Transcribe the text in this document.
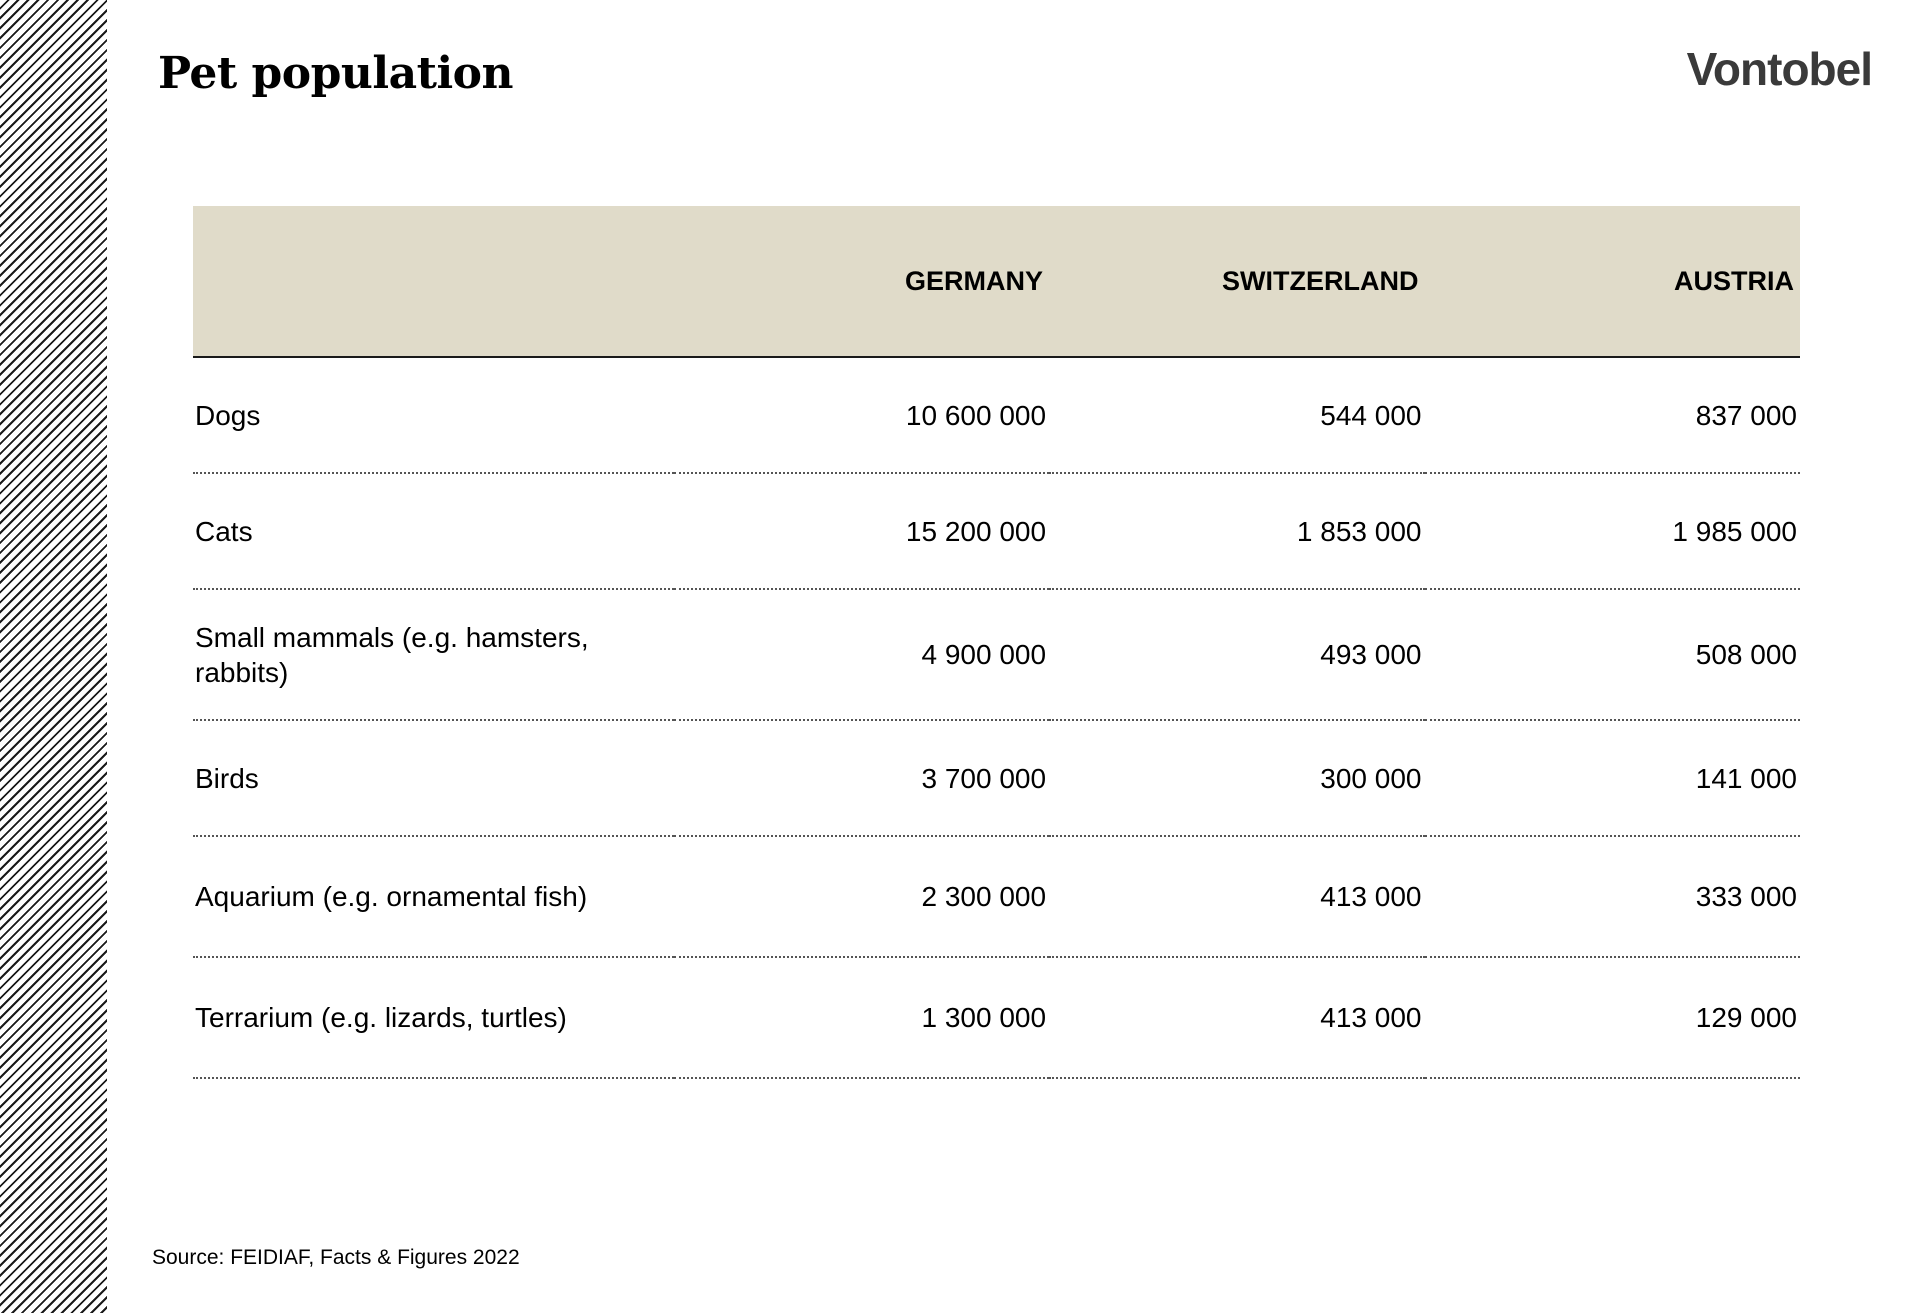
Pet population	Vontobel
	GERMANY	SWITZERLAND	AUSTRIA
Dogs	10 600 000	544 000	837 000
Cats	15 200 000	1 853 000	1 985 000
Small mammals (e.g. hamsters, rabbits)	4 900 000	493 000	508 000
Birds	3 700 000	300 000	141 000
Aquarium (e.g. ornamental fish)	2 300 000	413 000	333 000
Terrarium (e.g. lizards, turtles)	1 300 000	413 000	129 000
Source: FEIDIAF, Facts & Figures 2022
